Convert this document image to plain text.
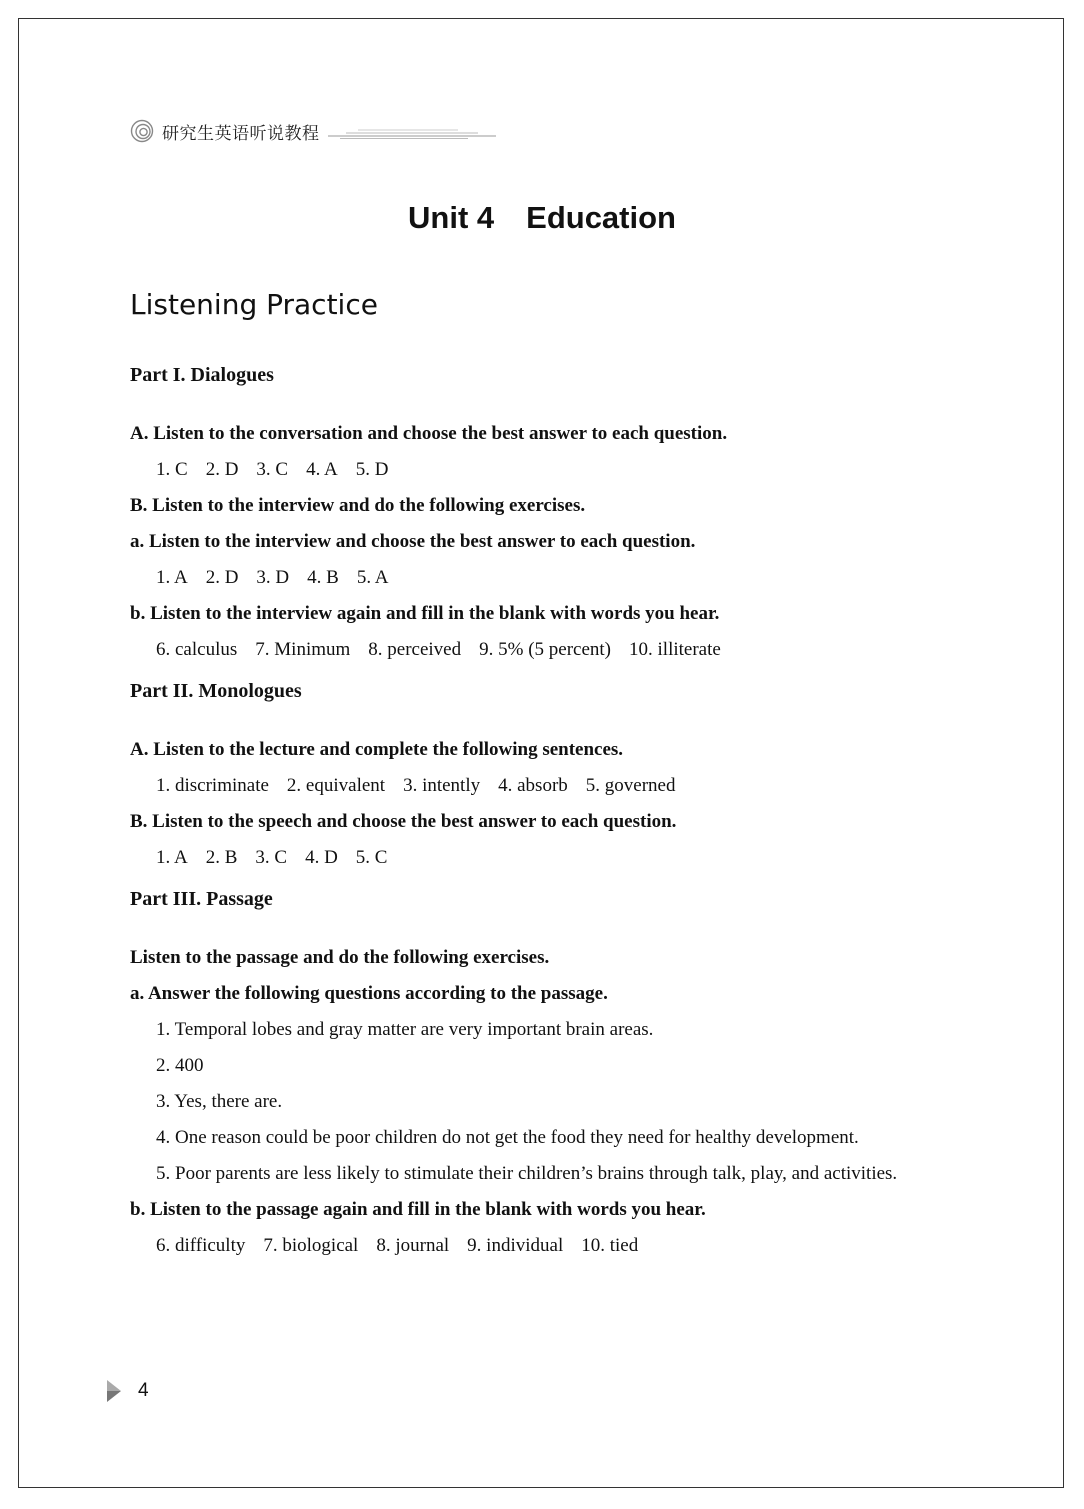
研究生英语听说教程
Unit 4 Education
Listening Practice
Part I. Dialogues
A. Listen to the conversation and choose the best answer to each question.
1. C 2. D 3. C 4. A 5. D
B. Listen to the interview and do the following exercises.
a. Listen to the interview and choose the best answer to each question.
1. A 2. D 3. D 4. B 5. A
b. Listen to the interview again and fill in the blank with words you hear.
6. calculus 7. Minimum 8. perceived 9. 5% (5 percent) 10. illiterate
Part II. Monologues
A. Listen to the lecture and complete the following sentences.
1. discriminate 2. equivalent 3. intently 4. absorb 5. governed
B. Listen to the speech and choose the best answer to each question.
1. A 2. B 3. C 4. D 5. C
Part III. Passage
Listen to the passage and do the following exercises.
a. Answer the following questions according to the passage.
1. Temporal lobes and gray matter are very important brain areas.
2. 400
3. Yes, there are.
4. One reason could be poor children do not get the food they need for healthy development.
5. Poor parents are less likely to stimulate their children’s brains through talk, play, and activities.
b. Listen to the passage again and fill in the blank with words you hear.
6. difficulty 7. biological 8. journal 9. individual 10. tied
4
